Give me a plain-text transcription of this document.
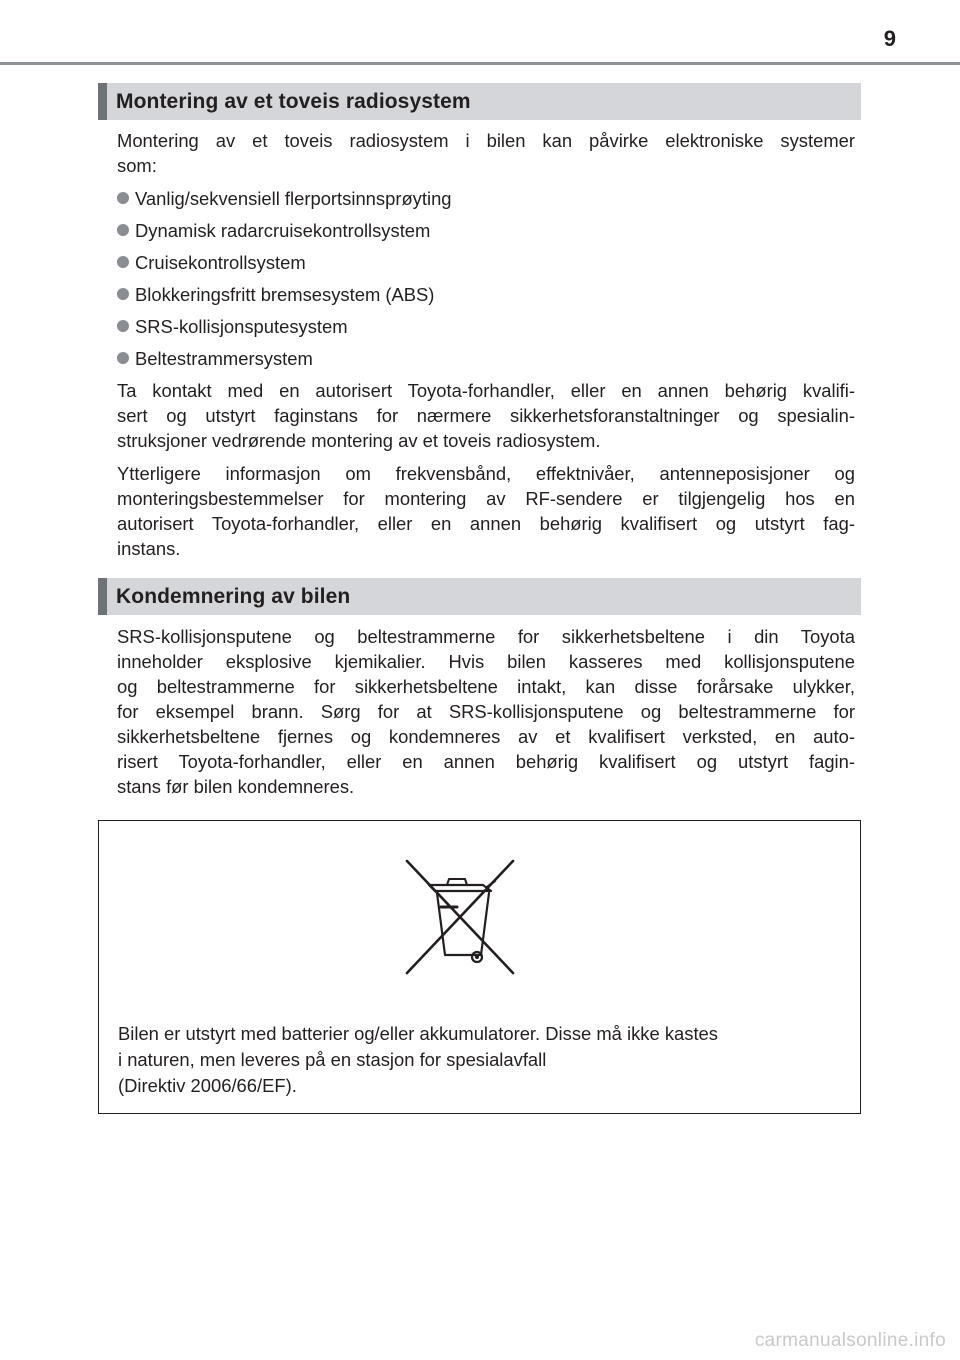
9
Montering av et toveis radiosystem

Montering av et toveis radiosystem i bilen kan påvirke elektroniske systemer
som:

Vanlig/sekvensiell flerportsinnsprøyting
Dynamisk radarcruisekontrollsystem
Cruisekontrollsystem
Blokkeringsfritt bremsesystem (ABS)
SRS-kollisjonsputesystem
Beltestrammersystem

Ta kontakt med en autorisert Toyota-forhandler, eller en annen behørig kvalifi-
sert og utstyrt faginstans for nærmere sikkerhetsforanstaltninger og spesialin-
struksjoner vedrørende montering av et toveis radiosystem.

Ytterligere informasjon om frekvensbånd, effektnivåer, antenneposisjoner og
monteringsbestemmelser for montering av RF-sendere er tilgjengelig hos en
autorisert Toyota-forhandler, eller en annen behørig kvalifisert og utstyrt fag-
instans.

Kondemnering av bilen

SRS-kollisjonsputene og beltestrammerne for sikkerhetsbeltene i din Toyota
inneholder eksplosive kjemikalier. Hvis bilen kasseres med kollisjonsputene
og beltestrammerne for sikkerhetsbeltene intakt, kan disse forårsake ulykker,
for eksempel brann. Sørg for at SRS-kollisjonsputene og beltestrammerne for
sikkerhetsbeltene fjernes og kondemneres av et kvalifisert verksted, en auto-
risert Toyota-forhandler, eller en annen behørig kvalifisert og utstyrt fagin-
stans før bilen kondemneres.

Bilen er utstyrt med batterier og/eller akkumulatorer. Disse må ikke kastes
i naturen, men leveres på en stasjon for spesialavfall
(Direktiv 2006/66/EF).
carmanualsonline.info
